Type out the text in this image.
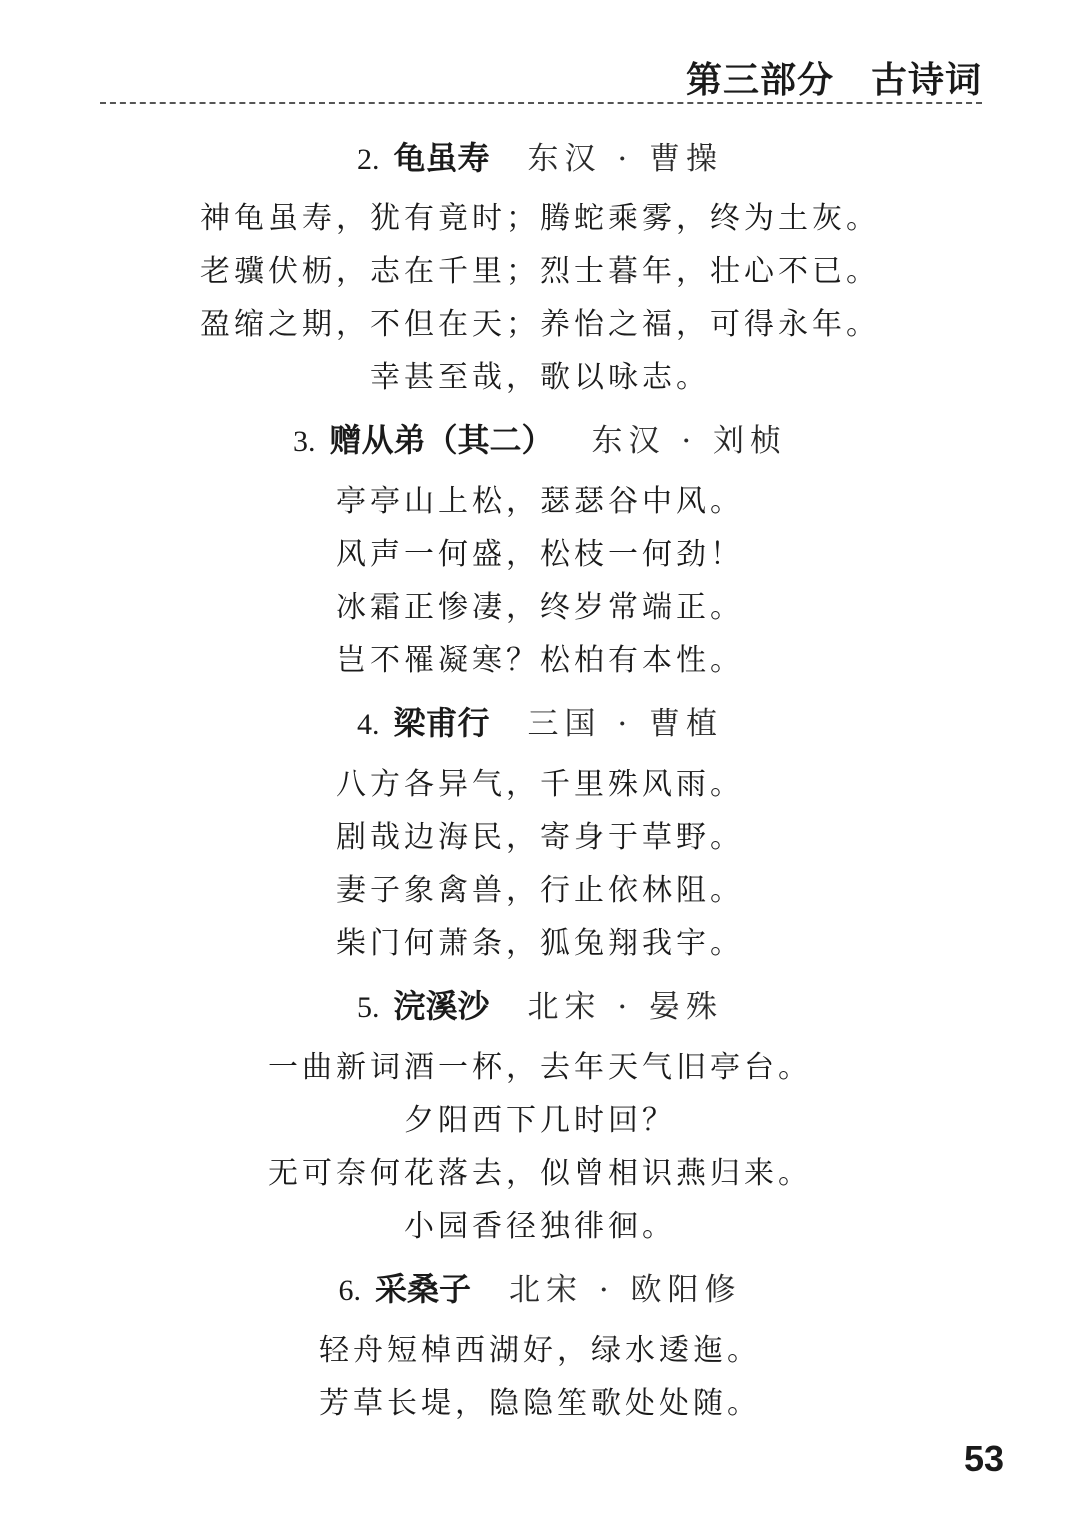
第三部分　古诗词
2. 龟虽寿 东汉 · 曹操
神龟虽寿，犹有竟时；腾蛇乘雾，终为土灰。
老骥伏枥，志在千里；烈士暮年，壮心不已。
盈缩之期，不但在天；养怡之福，可得永年。
幸甚至哉，歌以咏志。
3. 赠从弟（其二） 东汉 · 刘桢
亭亭山上松，瑟瑟谷中风。
风声一何盛，松枝一何劲！
冰霜正惨凄，终岁常端正。
岂不罹凝寒？松柏有本性。
4. 梁甫行 三国 · 曹植
八方各异气，千里殊风雨。
剧哉边海民，寄身于草野。
妻子象禽兽，行止依林阻。
柴门何萧条，狐兔翔我宇。
5. 浣溪沙 北宋 · 晏殊
一曲新词酒一杯，去年天气旧亭台。
夕阳西下几时回？
无可奈何花落去，似曾相识燕归来。
小园香径独徘徊。
6. 采桑子 北宋 · 欧阳修
轻舟短棹西湖好，绿水逶迤。
芳草长堤，隐隐笙歌处处随。
53
